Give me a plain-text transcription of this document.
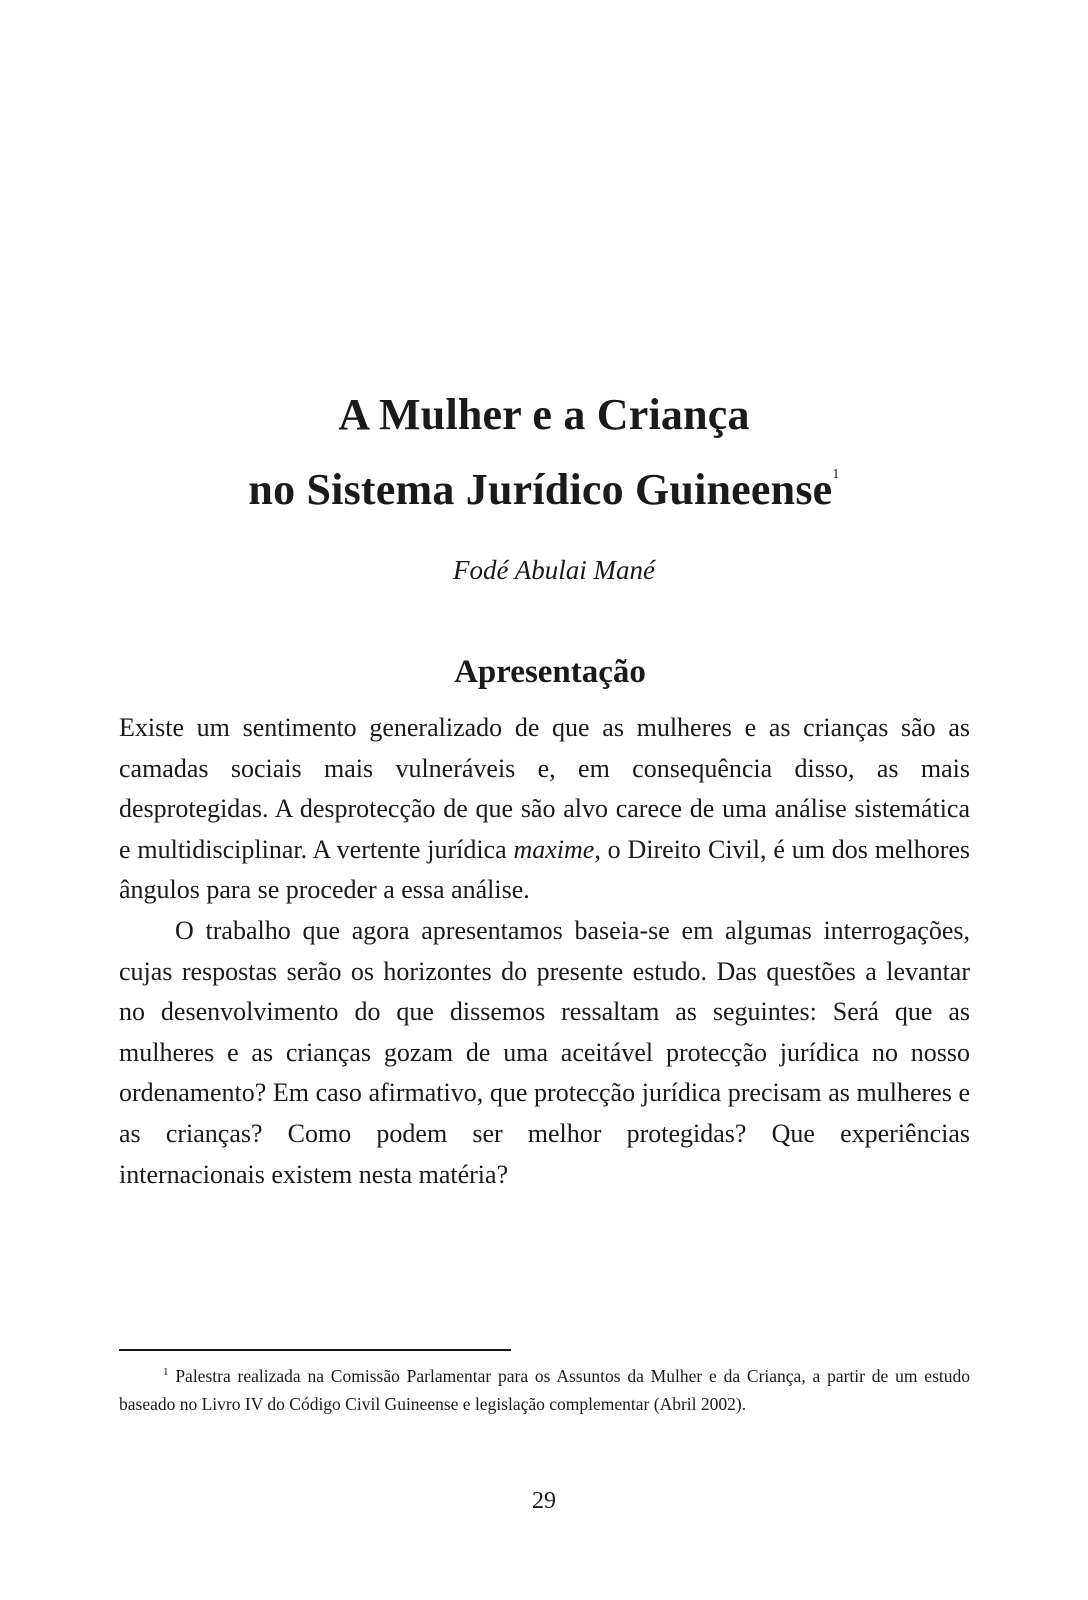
A Mulher e a Criança
no Sistema Jurídico Guineense$^1$
Fodé Abulai Mané
Apresentação

Existe um sentimento generalizado de que as mulheres e as crianças são as camadas sociais mais vulneráveis e, em consequência disso, as mais desprotegidas. A desprotecção de que são alvo carece de uma análise sistemática e multidisciplinar. A vertente jurídica maxime, o Direito Civil, é um dos melhores ângulos para se proceder a essa análise.

O trabalho que agora apresentamos baseia-se em algumas interrogações, cujas respostas serão os horizontes do presente estudo. Das questões a levantar no desenvolvimento do que dissemos ressaltam as seguintes: Será que as mulheres e as crianças gozam de uma aceitável protecção jurídica no nosso ordenamento? Em caso afirmativo, que protecção jurídica precisam as mulheres e as crianças? Como podem ser melhor protegidas? Que experiências internacionais existem nesta matéria?

$^1$ Palestra realizada na Comissão Parlamentar para os Assuntos da Mulher e da Criança, a partir de um estudo baseado no Livro IV do Código Civil Guineense e legislação complementar (Abril 2002).

29
